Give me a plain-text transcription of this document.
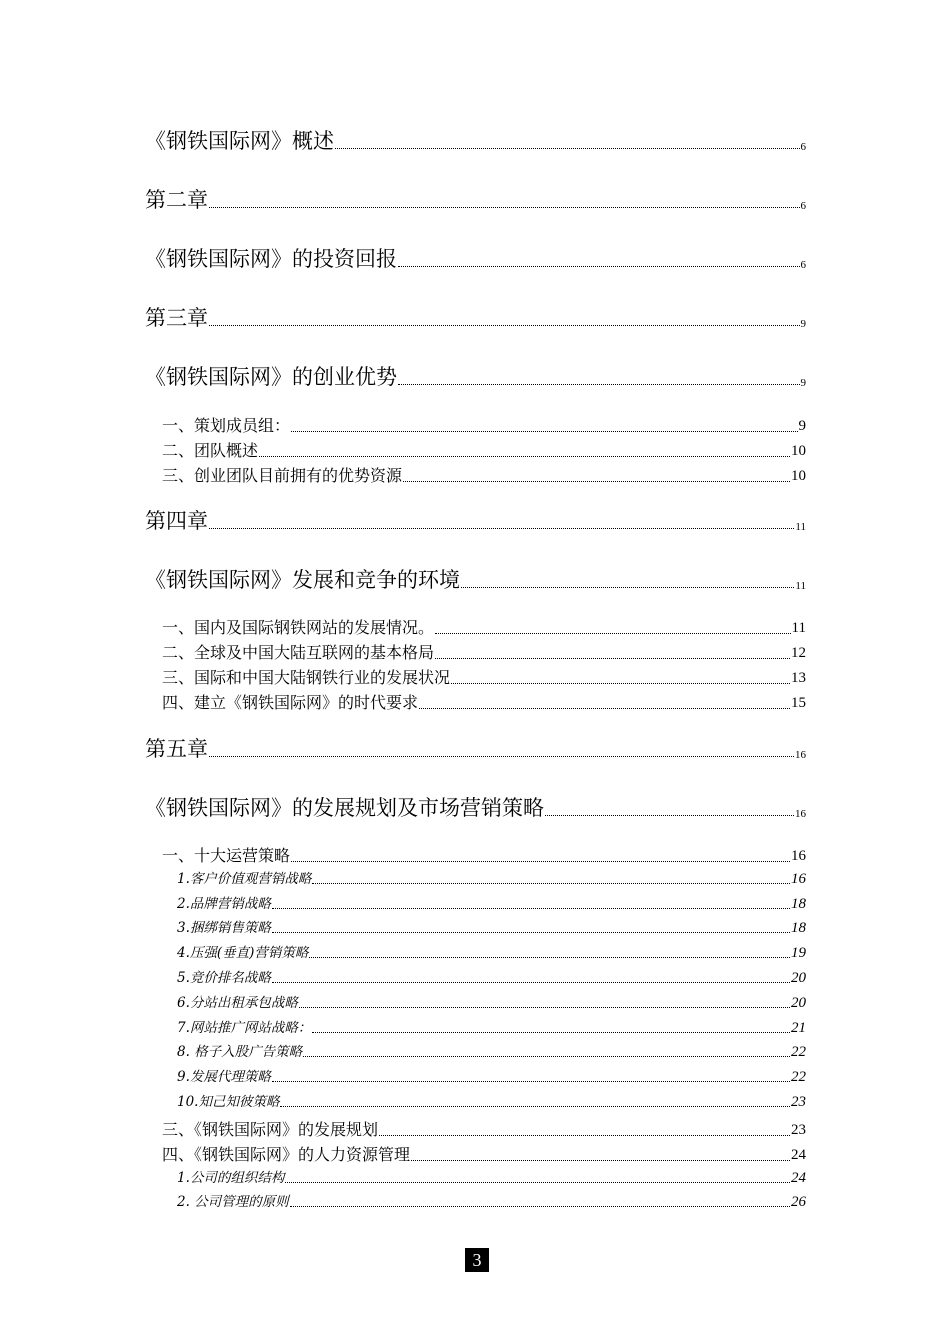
《钢铁国际网》概述	6
第二章	6
《钢铁国际网》的投资回报	6
第三章	9
《钢铁国际网》的创业优势	9
一、策划成员组：	9
二、团队概述	10
三、创业团队目前拥有的优势资源	10
第四章	11
《钢铁国际网》发展和竞争的环境	11
一、国内及国际钢铁网站的发展情况。	11
二、全球及中国大陆互联网的基本格局	12
三、国际和中国大陆钢铁行业的发展状况	13
四、建立《钢铁国际网》的时代要求	15
第五章	16
《钢铁国际网》的发展规划及市场营销策略	16
一、十大运营策略	16
1.客户价值观营销战略	16
2.品牌营销战略	18
3.捆绑销售策略	18
4.压强(垂直)营销策略	19
5.竞价排名战略	20
6.分站出租承包战略	20
7.网站推广网站战略：	21
8. 格子入股广告策略	22
9.发展代理策略	22
10.知己知彼策略	23
三、《钢铁国际网》的发展规划	23
四、《钢铁国际网》的人力资源管理	24
1.公司的组织结构	24
2. 公司管理的原则	26
3
